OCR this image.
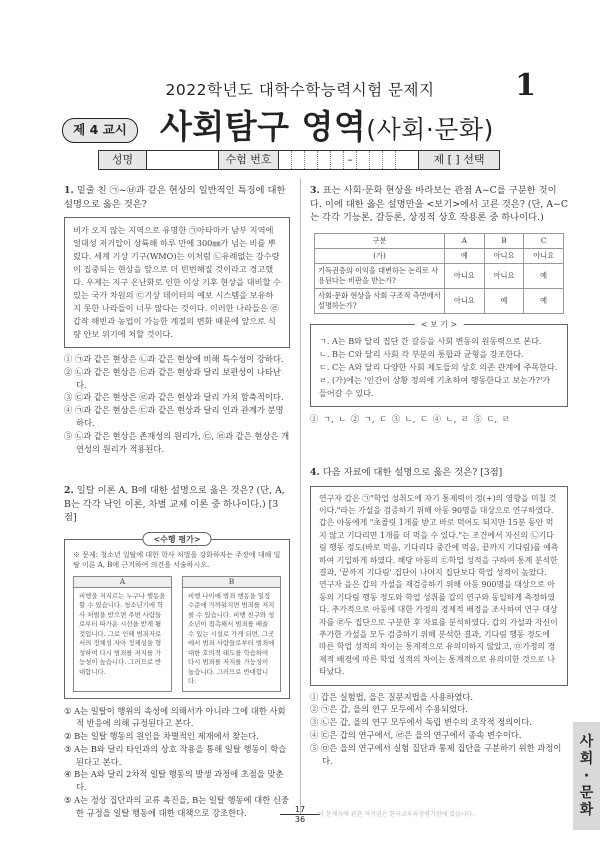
2022학년도 대학수학능력시험 문제지	1
제 4 교시	사회탐구 영역(사회·문화)
성명	수험 번호	–	제 [ ] 선택
1. 밑줄 친 ㉠~㉥과 같은 현상의 일반적인 특징에 대한 설명으로 옳은 것은?
비가 오지 않는 지역으로 유명한 ㉠아타마카 남부 지역에 얼대성 저기압이 상륙해 하루 만에 300㎜가 넘는 비를 뿌렸다. 세계 기상 기구(WMO)는 이처럼 ㉡유례없는 강수량이 집중되는 현상을 앞으로 더 빈번해질 것이라고 경고했다. 우제는 지구 온난화로 인한 이상 기후 현상을 대비할 수 있는 국가 차원의 ㉢기상 데이터의 예보 시스템을 보유하지 못한 나라들이 너무 많다는 것이다. 이러한 나라들은 ㉣갑작 해빈과 농업이 가능한 계절의 변화 때문에 앞으로 식량 안보 위기에 처할 것이다.
① ㉠과 같은 현상은 ㉡과 같은 현상에 비해 특수성이 강하다.
② ㉡과 같은 현상은 ㉢과 같은 현상과 달리 보편성이 나타난다.
③ ㉢과 같은 현상은 ㉣과 같은 현상과 달리 가치 함축적이다.
④ ㉠과 같은 현상은 ㉢과 같은 현상과 달리 인과 관계가 분명하다.
⑤ ㉡과 같은 현상은 존재성의 원리가, ㉢, ㉣과 같은 현상은 개연성의 원리가 적용된다.
2. 일탈 이론 A, B에 대한 설명으로 옳은 것은? (단, A, B는 각각 낙인 이론, 차별 교제 이론 중 하나이다.) [3점]
<수행 평가>
※ 문제: 청소년 일탈에 대한 학사 처벌을 강화하자는 주장에 대해 일탈 이론 A, B에 근거하여 의견을 서술하시오.
A
비행을 저지르는 누구나 행동을 할 수 있습니다. 청소년기에 학사 처벌을 받으면 주변 사람들로부터 따가운 시선을 받게 될 것입니다. 그로 인해 범죄자로서의 정체성 자아 정체성을 형성하여 다시 범죄를 저지를 가능성이 높습니다. 그러므로 반대합니다.
B
비행 나이에 범죄 행동을 일정 수준에 가까워지면 범죄를 저지를 수 있습니다. 비행 친구와 청소년이 접촉해서 범죄를 배울 수 있는 시설로 가게 되면, 그곳에서 범죄 사람들로부터 범죄에 대한 호의적 태도를 학습하여 다시 범죄를 저지를 가능성이 높습니다. 그러므로 반대합니다.
① A는 일탈이 행위의 속성에 의해서가 아니라 그에 대한 사회적 반응에 의해 규정된다고 본다.
② B는 일탈 행동의 원인을 차별적인 제재에서 찾는다.
③ A는 B와 달리 타인과의 상호 작용을 통해 일탈 행동이 학습된다고 본다.
④ B는 A와 달리 2차적 일탈 행동의 발생 과정에 초점을 맞춘다.
⑤ A는 정상 집단과의 교류 촉진을, B는 일탈 행동에 대한 신중한 규정을 일탈 행동에 대한 대책으로 강조한다.
3. 표는 사회·문화 현상을 바라보는 관점 A~C를 구분한 것이다. 이에 대한 옳은 설명만을 <보기>에서 고른 것은? (단, A~C는 각각 기능론, 갈등론, 상징적 상호 작용론 중 하나이다.)
구분	A	B	C
(가)	예	아니요	아니요
기득권층의 이익을 대변하는 논리로 사용된다는 비판을 받는가?	아니요	아니요	예
사회·문화 현상을 사회 구조적 측면에서 설명하는가?	아니요	예	예
< 보 기 >
ㄱ. A는 B와 달리 집단 간 갈등을 사회 변동의 원동력으로 본다.
ㄴ. B는 C와 달리 사회 각 부분의 통합과 균형을 강조한다.
ㄷ. C는 A와 달리 다양한 사회 제도들의 상호 의존 관계에 주목한다.
ㄹ. (가)에는 '인간이 상황 정의에 기초하여 행동한다고 보는가?'가 들어갈 수 있다.
① ㄱ, ㄴ ② ㄱ, ㄷ ③ ㄴ, ㄷ ④ ㄴ, ㄹ ⑤ ㄷ, ㄹ
4. 다음 자료에 대한 설명으로 옳은 것은? [3점]
연구자 갑은 ㉠"학업 성취도에 자기 통제력이 정(+)의 영향을 미칠 것이다."라는 가설을 검증하기 위해 아동 90명을 대상으로 연구하였다. 갑은 아동에게 "초콜릿 1개를 받고 바로 먹어도 되지만 15분 동안 먹지 않고 기다리면 1개를 더 먹을 수 있다."는 조건에서 자신의 ㉡기다림 행동 정도(바로 먹음, 기다리다 중간에 먹음, 끝까지 기다림)를 예측하여 기입하게 하였다. 해당 아동의 ㉢학업 성적을 구하여 통계 분석한 결과, '끝까지 기다림' 집단이 나머지 집단보다 학업 성적이 높았다.
연구자 을은 갑의 가설을 재검증하기 위해 아동 900명을 대상으로 아동의 기다림 행동 정도와 학업 성취를 갑의 연구와 동일하게 측정하였다. 추가적으로 아동에 대한 가정의 경제적 배경을 조사하여 연구 대상자를 ㉣두 집단으로 구분한 후 자료를 분석하였다. 갑의 가설과 자신이 추가한 가설을 모두 검증하기 위해 분석한 결과, 기다림 행동 정도에 따른 학업 성적의 차이는 통계적으로 유의미하지 않았고, ㉤가정의 경제적 배경에 따른 학업 성적의 차이는 통계적으로 유의미한 것으로 나타났다.
① 갑은 실험법, 을은 질문지법을 사용하였다.
② ㉠은 갑, 을의 연구 모두에서 수용되었다.
③ ㉡은 갑, 을의 연구 모두에서 독립 변수의 조작적 정의이다.
④ ㉢은 갑의 연구에서, ㉣은 을의 연구에서 종속 변수이다.
⑤ ㉤은 을의 연구에서 실험 집단과 통제 집단을 구분하기 위한 과정이다.
사
회
·
문
화
17
36
이 문제지에 관한 저작권은 한국교육과정평가원에 있습니다.
